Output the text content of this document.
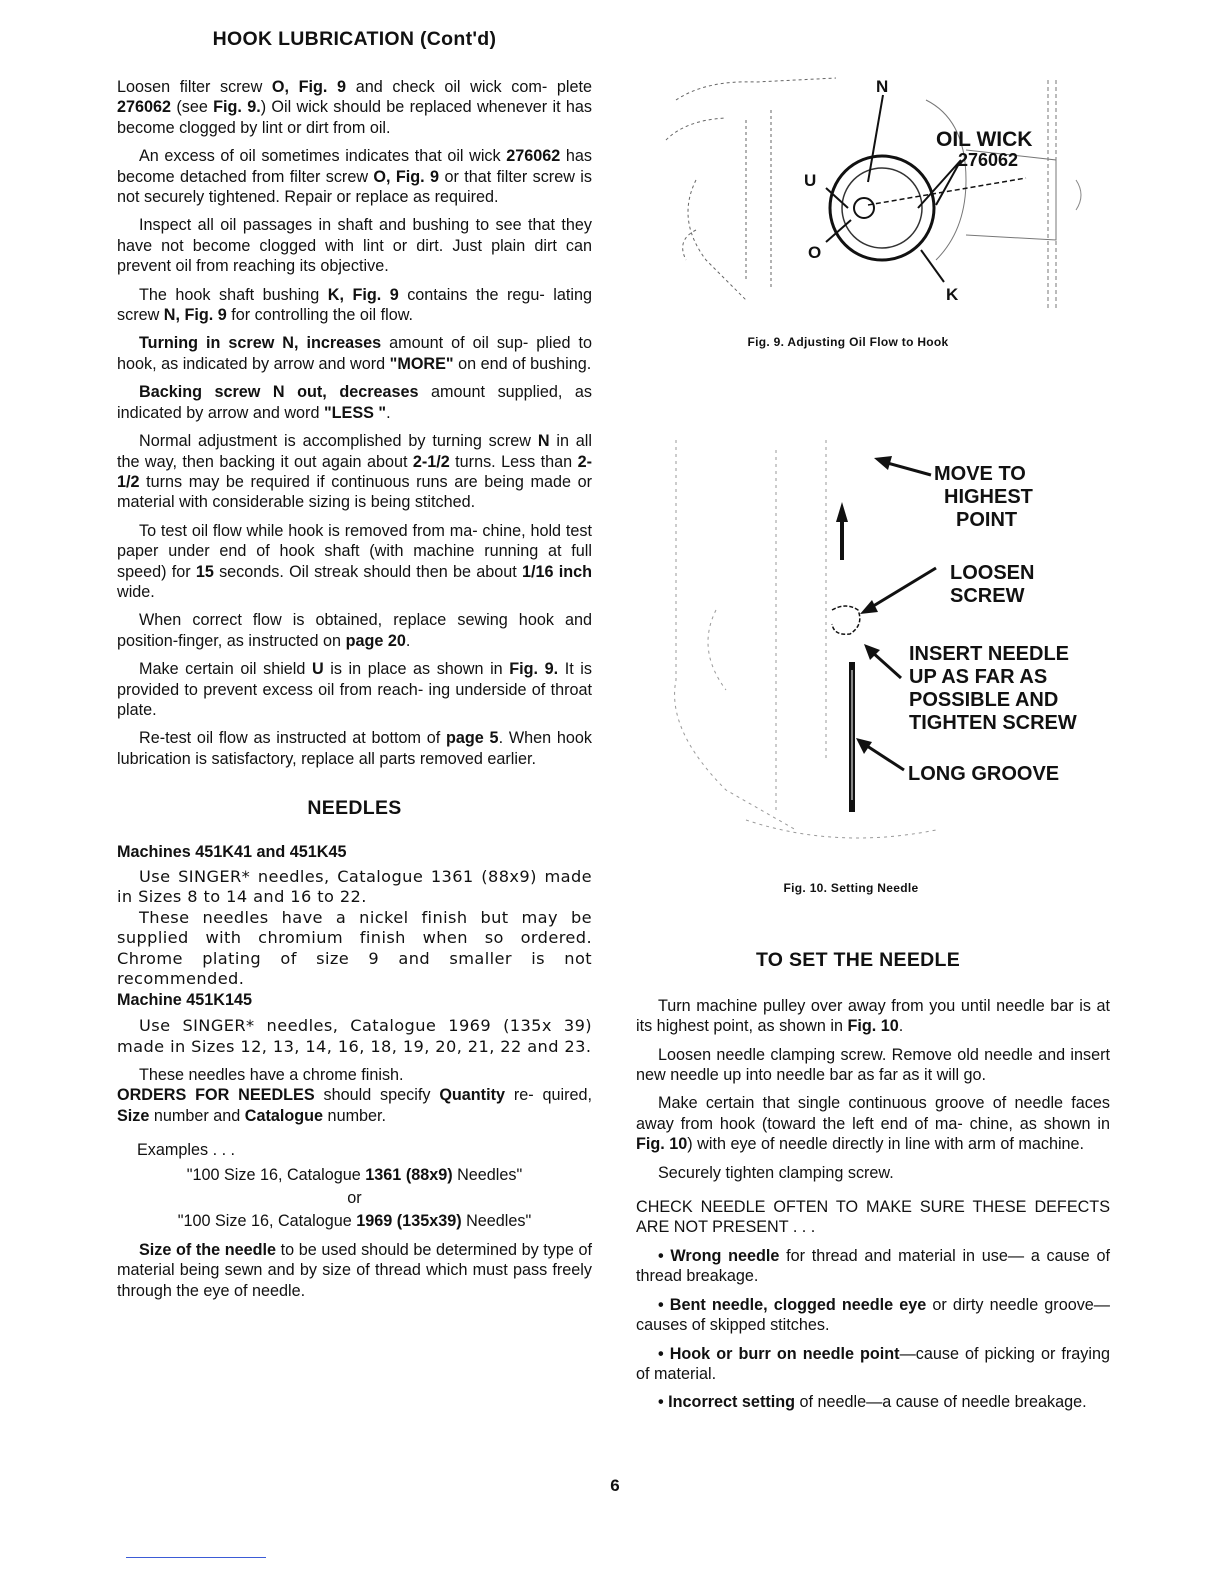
HOOK LUBRICATION (Cont'd)

Loosen filter screw O, Fig. 9 and check oil wick com- plete 276062 (see Fig. 9.) Oil wick should be replaced whenever it has become clogged by lint or dirt from oil.

An excess of oil sometimes indicates that oil wick 276062 has become detached from filter screw O, Fig. 9 or that filter screw is not securely tightened. Repair or replace as required.

Inspect all oil passages in shaft and bushing to see that they have not become clogged with lint or dirt. Just plain dirt can prevent oil from reaching its objective.

The hook shaft bushing K, Fig. 9 contains the regu- lating screw N, Fig. 9 for controlling the oil flow.

Turning in screw N, increases amount of oil sup- plied to hook, as indicated by arrow and word "MORE" on end of bushing.

Backing screw N out, decreases amount supplied, as indicated by arrow and word "LESS ".

Normal adjustment is accomplished by turning screw N in all the way, then backing it out again about 2-1/2 turns. Less than 2-1/2 turns may be required if continuous runs are being made or material with considerable sizing is being stitched.

To test oil flow while hook is removed from ma- chine, hold test paper under end of hook shaft (with machine running at full speed) for 15 seconds. Oil streak should then be about 1/16 inch wide.

When correct flow is obtained, replace sewing hook and position-finger, as instructed on page 20.

Make certain oil shield U is in place as shown in Fig. 9. It is provided to prevent excess oil from reach- ing underside of throat plate.

Re-test oil flow as instructed at bottom of page 5. When hook lubrication is satisfactory, replace all parts removed earlier.

NEEDLES

Machines 451K41 and 451K45

Use SINGER* needles, Catalogue 1361 (88x9) made in Sizes 8 to 14 and 16 to 22.

These needles have a nickel finish but may be supplied with chromium finish when so ordered. Chrome plating of size 9 and smaller is not recommended.

Machine 451K145

Use SINGER* needles, Catalogue 1969 (135x 39) made in Sizes 12, 13, 14, 16, 18, 19, 20, 21, 22 and 23.

These needles have a chrome finish.

ORDERS FOR NEEDLES should specify Quantity re- quired, Size number and Catalogue number.

Examples . . .

"100 Size 16, Catalogue 1361 (88x9) Needles"

or

"100 Size 16, Catalogue 1969 (135x39) Needles"

Size of the needle to be used should be determined by type of material being sewn and by size of thread which must pass freely through the eye of needle.

N
OIL WICK
276062
U
O
K

Fig. 9. Adjusting Oil Flow to Hook

MOVE TO
HIGHEST
POINT
LOOSEN
SCREW
INSERT NEEDLE
UP AS FAR AS
POSSIBLE AND
TIGHTEN SCREW
LONG GROOVE

Fig. 10. Setting Needle

TO SET THE NEEDLE

Turn machine pulley over away from you until needle bar is at its highest point, as shown in Fig. 10.

Loosen needle clamping screw. Remove old needle and insert new needle up into needle bar as far as it will go.

Make certain that single continuous groove of needle faces away from hook (toward the left end of ma- chine, as shown in Fig. 10) with eye of needle directly in line with arm of machine.

Securely tighten clamping screw.

CHECK NEEDLE OFTEN TO MAKE SURE THESE DEFECTS ARE NOT PRESENT . . .

• Wrong needle for thread and material in use— a cause of thread breakage.

• Bent needle, clogged needle eye or dirty needle groove—causes of skipped stitches.

• Hook or burr on needle point—cause of picking or fraying of material.

• Incorrect setting of needle—a cause of needle breakage.

6
